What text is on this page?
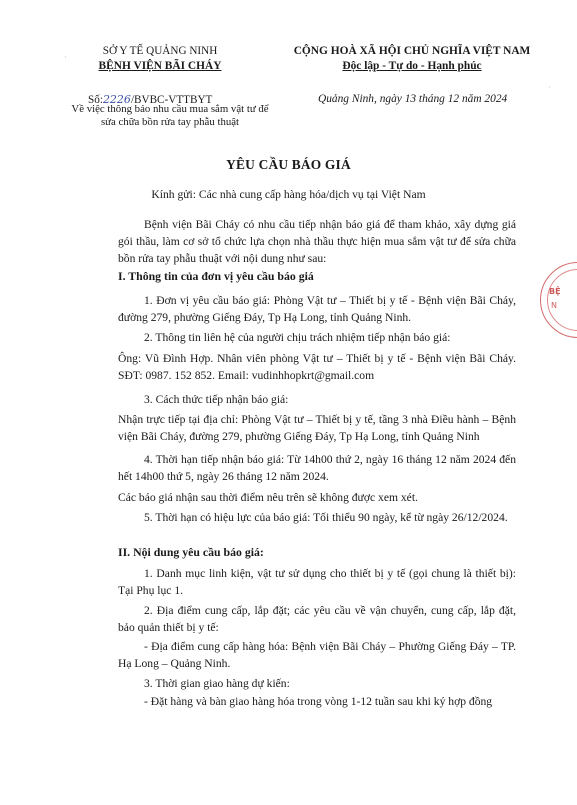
SỞ Y TẾ QUẢNG NINH
BỆNH VIỆN BÃI CHÁY
CỘNG HOÀ XÃ HỘI CHỦ NGHĨA VIỆT NAM
Độc lập - Tự do - Hạnh phúc
Số:2226/BVBC-VTTBYT
Về việc thông báo nhu cầu mua sắm vật tư để
sửa chữa bồn rửa tay phẫu thuật
Quảng Ninh, ngày 13 tháng 12 năm 2024
YÊU CẦU BÁO GIÁ
Kính gửi: Các nhà cung cấp hàng hóa/dịch vụ tại Việt Nam
Bệnh viện Bãi Cháy có nhu cầu tiếp nhận báo giá để tham khảo, xây dựng giá gói thầu, làm cơ sở tổ chức lựa chọn nhà thầu thực hiện mua sắm vật tư để sửa chữa bồn rửa tay phẫu thuật với nội dung như sau:
I. Thông tin của đơn vị yêu cầu báo giá
1. Đơn vị yêu cầu báo giá: Phòng Vật tư – Thiết bị y tế - Bệnh viện Bãi Cháy, đường 279, phường Giếng Đáy, Tp Hạ Long, tỉnh Quảng Ninh.
2. Thông tin liên hệ của người chịu trách nhiệm tiếp nhận báo giá:
Ông: Vũ Đình Hợp. Nhân viên phòng Vật tư – Thiết bị y tế - Bệnh viện Bãi Cháy. SĐT: 0987. 152 852. Email: vudinhhopkrt@gmail.com
3. Cách thức tiếp nhận báo giá:
Nhận trực tiếp tại địa chỉ: Phòng Vật tư – Thiết bị y tế, tầng 3 nhà Điều hành – Bệnh viện Bãi Cháy, đường 279, phường Giếng Đáy, Tp Hạ Long, tỉnh Quảng Ninh
4. Thời hạn tiếp nhận báo giá: Từ 14h00 thứ 2, ngày 16 tháng 12 năm 2024 đến hết 14h00 thứ 5, ngày 26 tháng 12 năm 2024.
Các báo giá nhận sau thời điểm nêu trên sẽ không được xem xét.
5. Thời hạn có hiệu lực của báo giá: Tối thiểu 90 ngày, kể từ ngày 26/12/2024.
II. Nội dung yêu cầu báo giá:
1. Danh mục linh kiện, vật tư sử dụng cho thiết bị y tế (gọi chung là thiết bị): Tại Phụ lục 1.
2. Địa điểm cung cấp, lắp đặt; các yêu cầu về vận chuyển, cung cấp, lắp đặt, bảo quản thiết bị y tế:
- Địa điểm cung cấp hàng hóa: Bệnh viện Bãi Cháy – Phường Giếng Đáy – TP. Hạ Long – Quảng Ninh.
3. Thời gian giao hàng dự kiến:
- Đặt hàng và bàn giao hàng hóa trong vòng 1-12 tuần sau khi ký hợp đồng
BỆ
N
·
·
